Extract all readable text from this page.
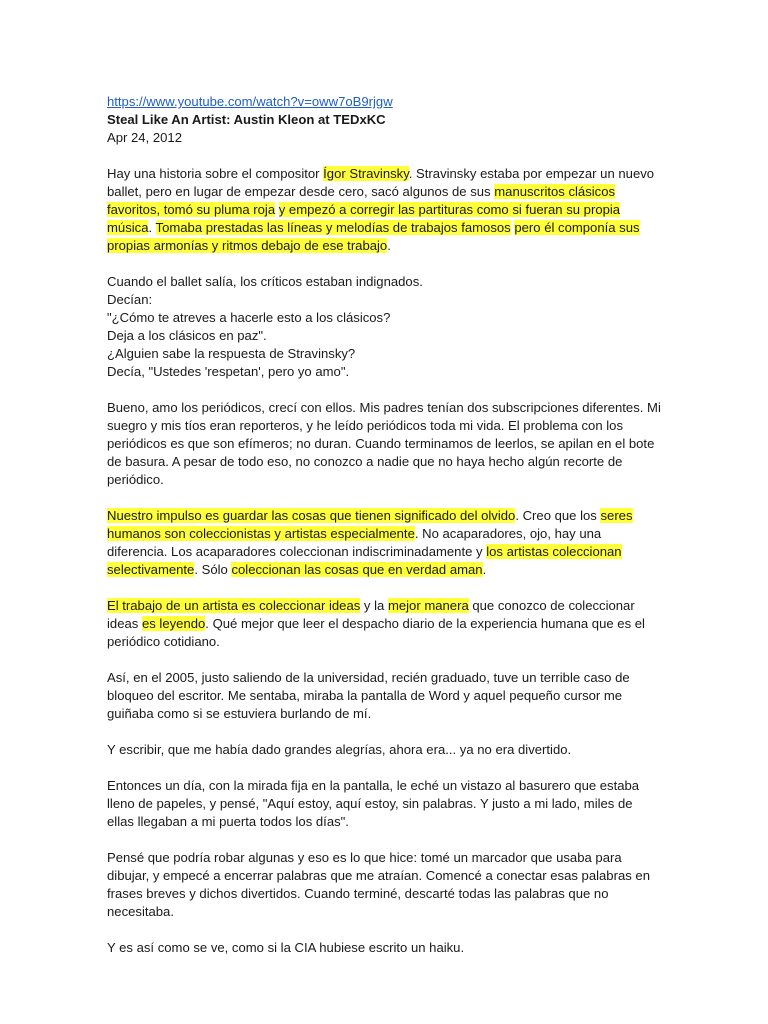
https://www.youtube.com/watch?v=oww7oB9rjgw
Steal Like An Artist: Austin Kleon at TEDxKC
Apr 24, 2012

Hay una historia sobre el compositor Ígor Stravinsky. Stravinsky estaba por empezar un nuevo ballet, pero en lugar de empezar desde cero, sacó algunos de sus manuscritos clásicos favoritos, tomó su pluma roja y empezó a corregir las partituras como si fueran su propia música. Tomaba prestadas las líneas y melodías de trabajos famosos pero él componía sus propias armonías y ritmos debajo de ese trabajo.

Cuando el ballet salía, los críticos estaban indignados.
Decían:
"¿Cómo te atreves a hacerle esto a los clásicos?
Deja a los clásicos en paz".
¿Alguien sabe la respuesta de Stravinsky?
Decía, "Ustedes 'respetan', pero yo amo".

Bueno, amo los periódicos, crecí con ellos. Mis padres tenían dos subscripciones diferentes. Mi suegro y mis tíos eran reporteros, y he leído periódicos toda mi vida. El problema con los periódicos es que son efímeros; no duran. Cuando terminamos de leerlos, se apilan en el bote de basura. A pesar de todo eso, no conozco a nadie que no haya hecho algún recorte de periódico.

Nuestro impulso es guardar las cosas que tienen significado del olvido. Creo que los seres humanos son coleccionistas y artistas especialmente. No acaparadores, ojo, hay una diferencia. Los acaparadores coleccionan indiscriminadamente y los artistas coleccionan selectivamente. Sólo coleccionan las cosas que en verdad aman.

El trabajo de un artista es coleccionar ideas y la mejor manera que conozco de coleccionar ideas es leyendo. Qué mejor que leer el despacho diario de la experiencia humana que es el periódico cotidiano.

Así, en el 2005, justo saliendo de la universidad, recién graduado, tuve un terrible caso de bloqueo del escritor. Me sentaba, miraba la pantalla de Word y aquel pequeño cursor me guiñaba como si se estuviera burlando de mí.

Y escribir, que me había dado grandes alegrías, ahora era... ya no era divertido.

Entonces un día, con la mirada fija en la pantalla, le eché un vistazo al basurero que estaba lleno de papeles, y pensé, "Aquí estoy, aquí estoy, sin palabras. Y justo a mi lado, miles de ellas llegaban a mi puerta todos los días".

Pensé que podría robar algunas y eso es lo que hice: tomé un marcador que usaba para dibujar, y empecé a encerrar palabras que me atraían. Comencé a conectar esas palabras en frases breves y dichos divertidos. Cuando terminé, descarté todas las palabras que no necesitaba.

Y es así como se ve, como si la CIA hubiese escrito un haiku.
